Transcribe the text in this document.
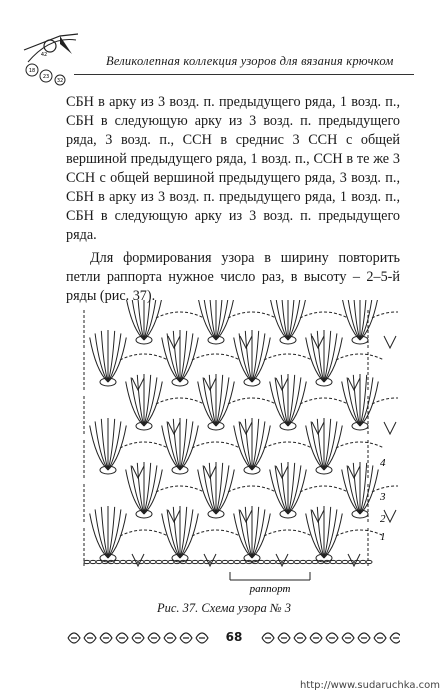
18
23
32
42	Великолепная коллекция узоров для вязания крючком

СБН в арку из 3 возд. п. предыдущего ряда, 1 возд. п., СБН в следующую арку из 3 возд. п. предыдущего ряда, 3 возд. п., ССН в среднис 3 ССН с общей вершиной предыдущего ряда, 1 возд. п., ССН в те же 3 ССН с общей вершиной предыдущего ряда, 3 возд. п., СБН в арку из 3 возд. п. предыдущего ряда, 1 возд. п., СБН в следующую арку из 3 возд. п. предыдущего ряда.

Для формирования узора в ширину повторить петли раппорта нужное число раз, в высоту – 2–5-й ряды (рис. 37).

4
3
2
1
раппорт
Рис. 37. Схема узора № 3
68
http://www.sudaruchka.com
